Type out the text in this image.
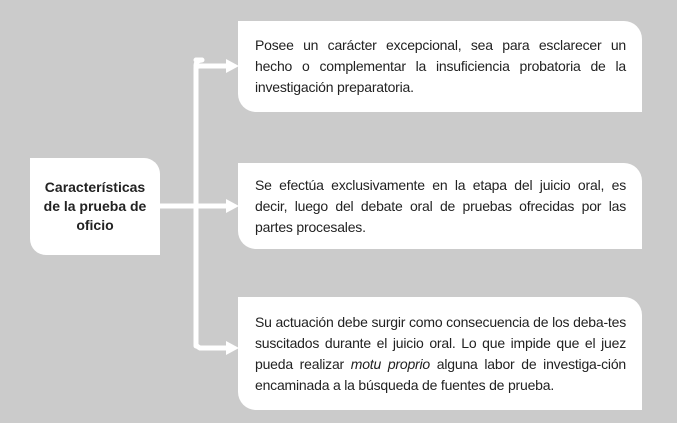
Características de la prueba de oficio
Posee un carácter excepcional, sea para esclarecer un hecho o complementar la insuficiencia probatoria de la investigación preparatoria.
Se efectúa exclusivamente en la etapa del juicio oral, es decir, luego del debate oral de pruebas ofrecidas por las partes procesales.
Su actuación debe surgir como consecuencia de los deba-tes suscitados durante el juicio oral. Lo que impide que el juez pueda realizar motu proprio alguna labor de investiga-ción encaminada a la búsqueda de fuentes de prueba.
